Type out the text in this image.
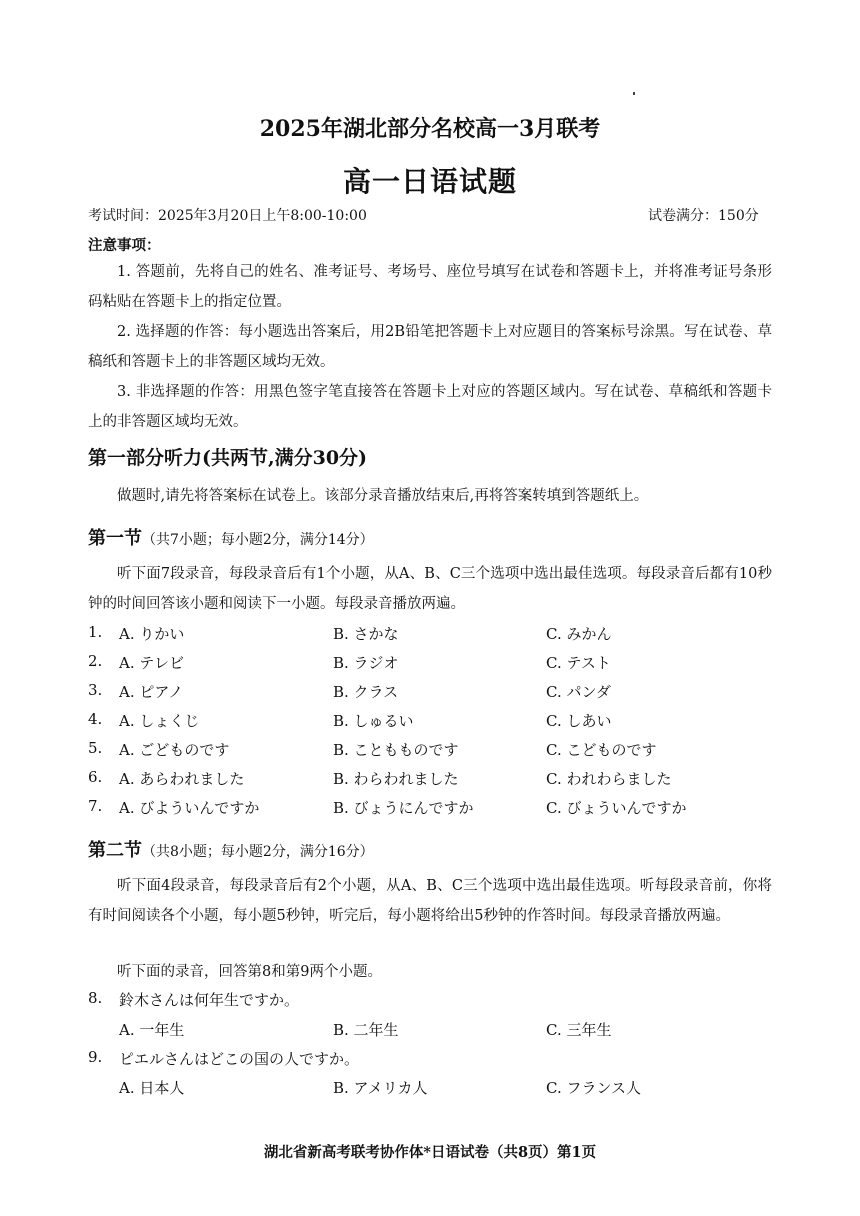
2025年湖北部分名校高一3月联考
高一日语试题
考试时间：2025年3月20日上午8:00-10:00	试卷满分：150分
注意事项：
1. 答题前，先将自己的姓名、准考证号、考场号、座位号填写在试卷和答题卡上，并将准考证号条形码粘贴在答题卡上的指定位置。
2. 选择题的作答：每小题选出答案后，用2B铅笔把答题卡上对应题目的答案标号涂黑。写在试卷、草稿纸和答题卡上的非答题区域均无效。
3. 非选择题的作答：用黑色签字笔直接答在答题卡上对应的答题区域内。写在试卷、草稿纸和答题卡上的非答题区域均无效。
第一部分听力(共两节,满分30分)
做题时,请先将答案标在试卷上。该部分录音播放结束后,再将答案转填到答题纸上。
第一节（共7小题；每小题2分，满分14分）
听下面7段录音，每段录音后有1个小题，从A、B、C三个选项中选出最佳选项。每段录音后都有10秒钟的时间回答该小题和阅读下一小题。每段录音播放两遍。
1. A. りかい	B. さかな	C. みかん
2. A. テレビ	B. ラジオ	C. テスト
3. A. ピアノ	B. クラス	C. パンダ
4. A. しょくじ	B. しゅるい	C. しあい
5. A. ごどものです	B. こともものです	C. こどものです
6. A. あらわれました	B. わらわれました	C. われわらました
7. A. びよういんですか	B. びょうにんですか	C. びょういんですか
第二节（共8小题；每小题2分，满分16分）
听下面4段录音，每段录音后有2个小题，从A、B、C三个选项中选出最佳选项。听每段录音前，你将有时间阅读各个小题，每小题5秒钟，听完后，每小题将给出5秒钟的作答时间。每段录音播放两遍。
听下面的录音，回答第8和第9两个小题。
8. 鈴木さんは何年生ですか。
A. 一年生	B. 二年生	C. 三年生
9. ピエルさんはどこの国の人ですか。
A. 日本人	B. アメリカ人	C. フランス人
湖北省新高考联考协作体*日语试卷（共8页）第1页
